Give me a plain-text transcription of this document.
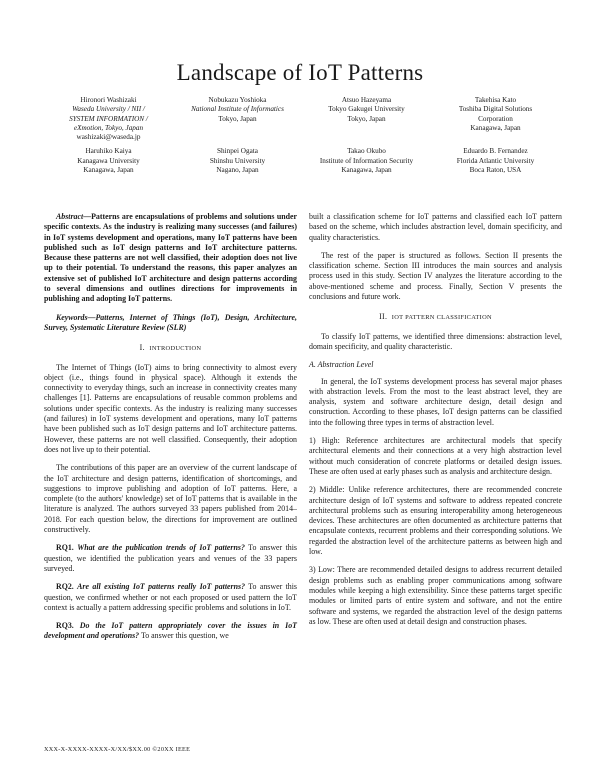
Landscape of IoT Patterns
Hironori Washizaki
Waseda University / NII /
SYSTEM INFORMATION /
eXmotion, Tokyo, Japan
washizaki@waseda.jp
Nobukazu Yoshioka
National Institute of Informatics
Tokyo, Japan
Atsuo Hazeyama
Tokyo Gakugei University
Tokyo, Japan
Takehisa Kato
Toshiba Digital Solutions
Corporation
Kanagawa, Japan
Haruhiko Kaiya
Kanagawa University
Kanagawa, Japan
Shinpei Ogata
Shinshu University
Nagano, Japan
Takao Okubo
Institute of Information Security
Kanagawa, Japan
Eduardo B. Fernandez
Florida Atlantic University
Boca Raton, USA

Abstract—Patterns are encapsulations of problems and solutions under specific contexts. As the industry is realizing many successes (and failures) in IoT systems development and operations, many IoT patterns have been published such as IoT design patterns and IoT architecture patterns. Because these patterns are not well classified, their adoption does not live up to their potential. To understand the reasons, this paper analyzes an extensive set of published IoT architecture and design patterns according to several dimensions and outlines directions for improvements in publishing and adopting IoT patterns.

Keywords—Patterns, Internet of Things (IoT), Design, Architecture, Survey, Systematic Literature Review (SLR)

I. INTRODUCTION

The Internet of Things (IoT) aims to bring connectivity to almost every object (i.e., things found in physical space). Although it extends the connectivity to everyday things, such an increase in connectivity creates many challenges [1]. Patterns are encapsulations of reusable common problems and solutions under specific contexts. As the industry is realizing many successes (and failures) in IoT systems development and operations, many IoT patterns have been published such as IoT design patterns and IoT architecture patterns. However, these patterns are not well classified. Consequently, their adoption does not live up to their potential.

The contributions of this paper are an overview of the current landscape of the IoT architecture and design patterns, identification of shortcomings, and suggestions to improve publishing and adoption of IoT patterns. Here, a complete (to the authors' knowledge) set of IoT patterns that is available in the literature is analyzed. The authors surveyed 33 papers published from 2014–2018. For each question below, the directions for improvement are outlined constructively.

RQ1. What are the publication trends of IoT patterns? To answer this question, we identified the publication years and venues of the 33 papers surveyed.

RQ2. Are all existing IoT patterns really IoT patterns? To answer this question, we confirmed whether or not each proposed or used pattern the IoT context is actually a pattern addressing specific problems and solutions in IoT.

RQ3. Do the IoT pattern appropriately cover the issues in IoT development and operations? To answer this question, we

built a classification scheme for IoT patterns and classified each IoT pattern based on the scheme, which includes abstraction level, domain specificity, and quality characteristics.

The rest of the paper is structured as follows. Section II presents the classification scheme. Section III introduces the main sources and analysis process used in this study. Section IV analyzes the literature according to the above-mentioned scheme and process. Finally, Section V presents the conclusions and future work.

II. IOT PATTERN CLASSIFICATION

To classify IoT patterns, we identified three dimensions: abstraction level, domain specificity, and quality characteristic.

A. Abstraction Level

In general, the IoT systems development process has several major phases with abstraction levels. From the most to the least abstract level, they are analysis, system and software architecture design, detail design and construction. According to these phases, IoT design patterns can be classified into the following three types in terms of abstraction level.

1) High: Reference architectures are architectural models that specify architectural elements and their connections at a very high abstraction level without much consideration of concrete platforms or detailed design issues. These are often used at early phases such as analysis and architecture design.

2) Middle: Unlike reference architectures, there are recommended concrete architecture design of IoT systems and software to address repeated concrete architectural problems such as ensuring interoperability among heterogeneous devices. These architectures are often documented as architecture patterns that encapsulate contexts, recurrent problems and their corresponding solutions. We regarded the abstraction level of the architecture patterns as between high and low.

3) Low: There are recommended detailed designs to address recurrent detailed design problems such as enabling proper communications among software modules while keeping a high extensibility. Since these patterns target specific modules or limited parts of entire system and software, and not the entire software and systems, we regarded the abstraction level of the design patterns as low. These are often used at detail design and construction phases.

XXX-X-XXXX-XXXX-X/XX/$XX.00 ©20XX IEEE
